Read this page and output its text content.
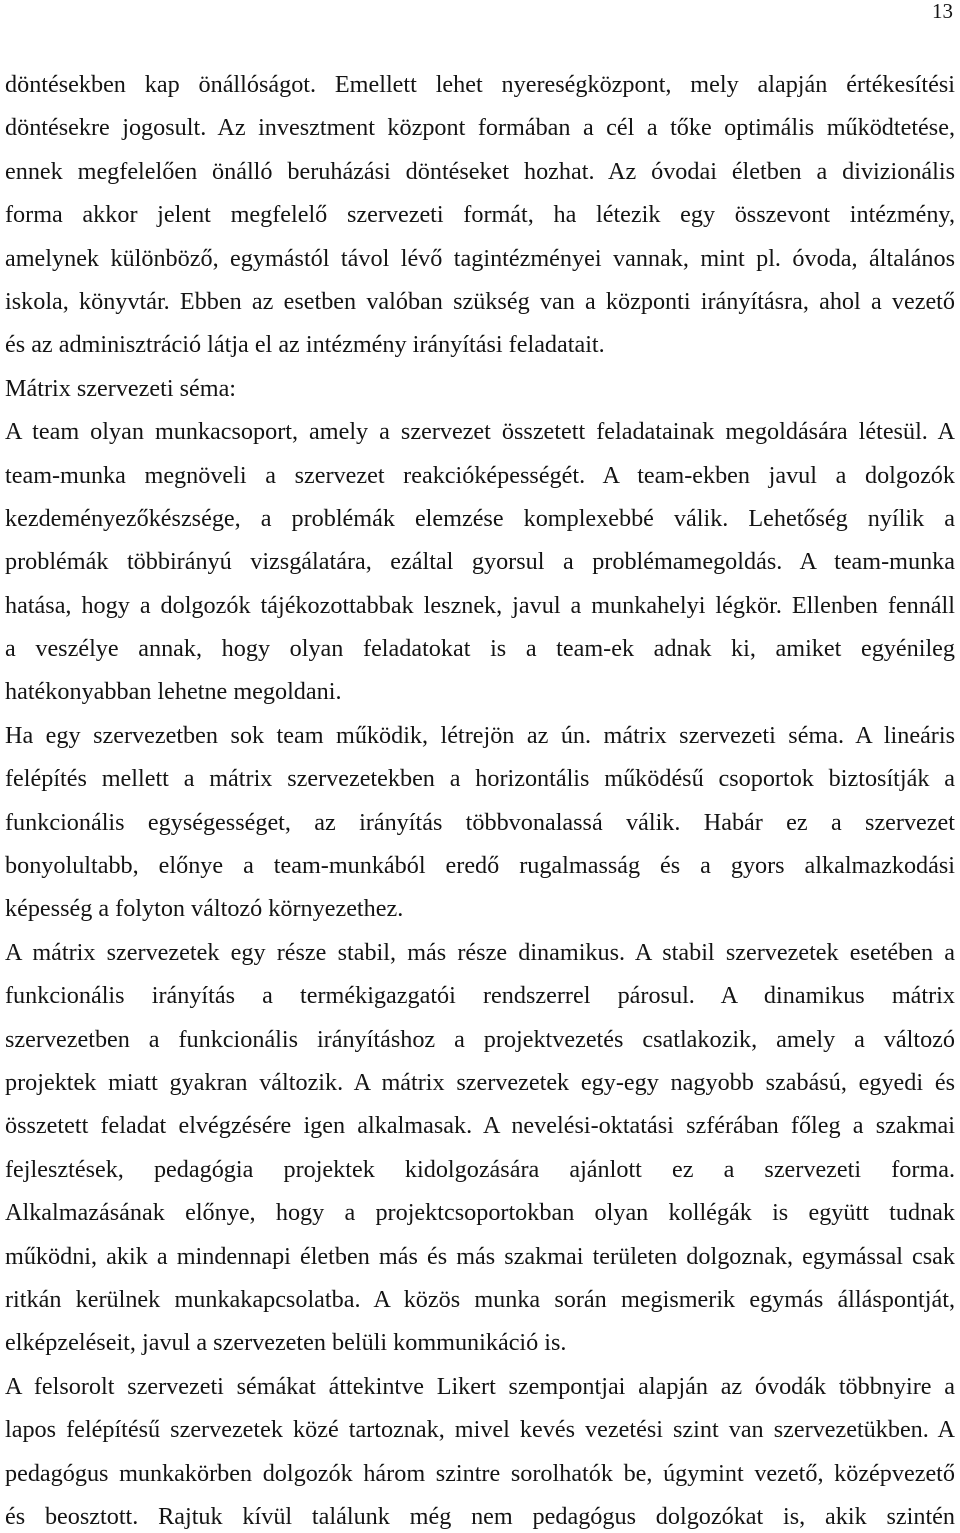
13
döntésekben kap önállóságot. Emellett lehet nyereségközpont, mely alapján értékesítési
döntésekre jogosult. Az invesztment központ formában a cél a tőke optimális működtetése,
ennek megfelelően önálló beruházási döntéseket hozhat. Az óvodai életben a divizionális
forma akkor jelent megfelelő szervezeti formát, ha létezik egy összevont intézmény,
amelynek különböző, egymástól távol lévő tagintézményei vannak, mint pl. óvoda, általános
iskola, könyvtár. Ebben az esetben valóban szükség van a központi irányításra, ahol a vezető
és az adminisztráció látja el az intézmény irányítási feladatait.
Mátrix szervezeti séma:
A team olyan munkacsoport, amely a szervezet összetett feladatainak megoldására létesül. A
team-munka megnöveli a szervezet reakcióképességét. A team-ekben javul a dolgozók
kezdeményezőkészsége, a problémák elemzése komplexebbé válik. Lehetőség nyílik a
problémák többirányú vizsgálatára, ezáltal gyorsul a problémamegoldás. A team-munka
hatása, hogy a dolgozók tájékozottabbak lesznek, javul a munkahelyi légkör. Ellenben fennáll
a veszélye annak, hogy olyan feladatokat is a team-ek adnak ki, amiket egyénileg
hatékonyabban lehetne megoldani.
Ha egy szervezetben sok team működik, létrejön az ún. mátrix szervezeti séma. A lineáris
felépítés mellett a mátrix szervezetekben a horizontális működésű csoportok biztosítják a
funkcionális egységességet, az irányítás többvonalassá válik. Habár ez a szervezet
bonyolultabb, előnye a team-munkából eredő rugalmasság és a gyors alkalmazkodási
képesség a folyton változó környezethez.
A mátrix szervezetek egy része stabil, más része dinamikus. A stabil szervezetek esetében a
funkcionális irányítás a termékigazgatói rendszerrel párosul. A dinamikus mátrix
szervezetben a funkcionális irányításhoz a projektvezetés csatlakozik, amely a változó
projektek miatt gyakran változik. A mátrix szervezetek egy-egy nagyobb szabású, egyedi és
összetett feladat elvégzésére igen alkalmasak. A nevelési-oktatási szférában főleg a szakmai
fejlesztések, pedagógia projektek kidolgozására ajánlott ez a szervezeti forma.
Alkalmazásának előnye, hogy a projektcsoportokban olyan kollégák is együtt tudnak
működni, akik a mindennapi életben más és más szakmai területen dolgoznak, egymással csak
ritkán kerülnek munkakapcsolatba. A közös munka során megismerik egymás álláspontját,
elképzeléseit, javul a szervezeten belüli kommunikáció is.
A felsorolt szervezeti sémákat áttekintve Likert szempontjai alapján az óvodák többnyire a
lapos felépítésű szervezetek közé tartoznak, mivel kevés vezetési szint van szervezetükben. A
pedagógus munkakörben dolgozók három szintre sorolhatók be, úgymint vezető, középvezető
és beosztott. Rajtuk kívül találunk még nem pedagógus dolgozókat is, akik szintén
